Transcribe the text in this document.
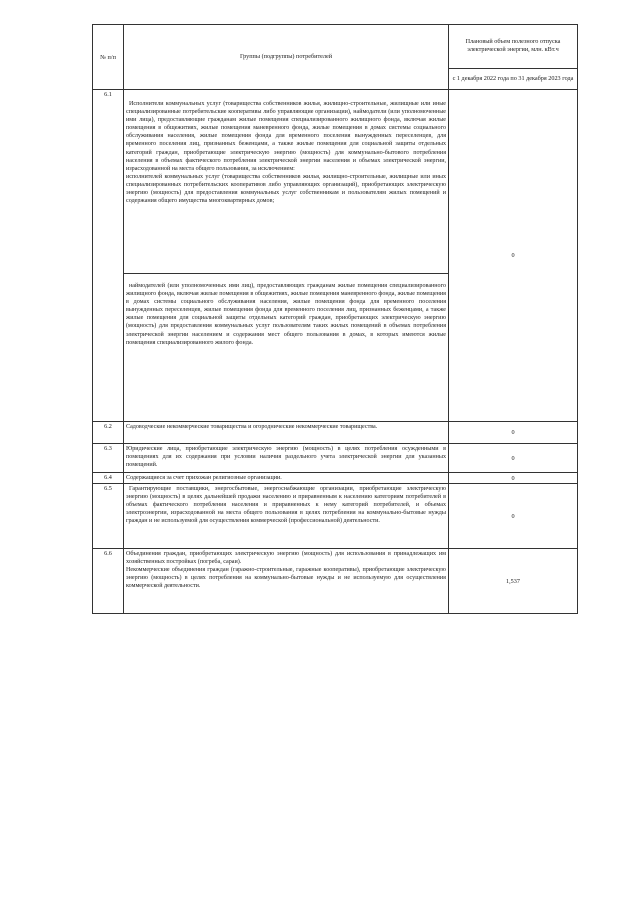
№ п/п	Группы (подгруппы) потребителей	Плановый объем полезного отпуска электрической энергии, млн. кВт.ч
		с 1 декабря 2022 года по 31 декабря 2023 года
6.1	Исполнители коммунальных услуг (товарищества собственников жилья, жилищно-строительные, жилищные или иные специализированные потребительские кооперативы либо управляющие организации), наймодатели (или уполномоченные ими лица), предоставляющие гражданам жилые помещения специализированного жилищного фонда, включая жилые помещения в общежитиях, жилые помещения маневренного фонда, жилые помещения в домах системы социального обслуживания населения, жилые помещения фонда для временного поселения вынужденных переселенцев, для временного поселения лиц, признанных беженцами, а также жилые помещения для социальной защиты отдельных категорий граждан, приобретающие электрическую энергию (мощность) для коммунально-бытового потребления населения в объемах фактического потребления электрической энергии населения и объемах электрической энергии, израсходованной на места общего пользования, за исключением:

исполнителей коммунальных услуг (товарищества собственников жилья, жилищно-строительные, жилищные или иных специализированных потребительских кооперативов либо управляющих организаций), приобретающих электрическую энергию (мощность) для предоставления коммунальных услуг собственникам и пользователям жилых помещений и содержания общего имущества многоквартирных домов;	0

	наймодателей (или уполномоченных ими лиц), предоставляющих гражданам жилые помещения специализированного жилищного фонда, включая жилые помещения в общежитиях, жилые помещения маневренного фонда, жилые помещения в домах системы социального обслуживания населения, жилые помещения фонда для временного поселения вынужденных переселенцев, жилые помещения фонда для временного поселения лиц, признанных беженцами, а также жилые помещения для социальной защиты отдельных категорий граждан, приобретающих электрическую энергию (мощность) для предоставления коммунальных услуг пользователям таких жилых помещений в объемах потребления электрической энергии населением и содержания мест общего пользования в домах, в которых имеются жилые помещения специализированного жилого фонда.	

6.2	Садоводческие некоммерческие товарищества и огороднические некоммерческие товарищества.	0
6.3	Юридические лица, приобретающие электрическую энергию (мощность) в целях потребления осужденными в помещениях для их содержания при условии наличия раздельного учета электрической энергии для указанных помещений.	0
6.4	Содержащиеся за счет прихожан религиозные организации.	0
6.5	Гарантирующие поставщики, энергосбытовые, энергоснабжающие организации, приобретающие электрическую энергию (мощность) в целях дальнейшей продажи населению и приравненным к населению категориям потребителей в объемах фактического потребления населения и приравненных к нему категорий потребителей, и объемах электроэнергии, израсходованной на места общего пользования в целях потребления на коммунально-бытовые нужды граждан и не используемой для осуществления коммерческой (профессиональной) деятельности.	0
6.6	Объединения граждан, приобретающих электрическую энергию (мощность) для использования в принадлежащих им хозяйственных постройках (погреба, сараи).

Некоммерческие объединения граждан (гаражно-строительные, гаражные кооперативы), приобретающие электрическую энергию (мощность) в целях потребления на коммунально-бытовые нужды и не используемую для осуществления коммерческой деятельности.	1,537
